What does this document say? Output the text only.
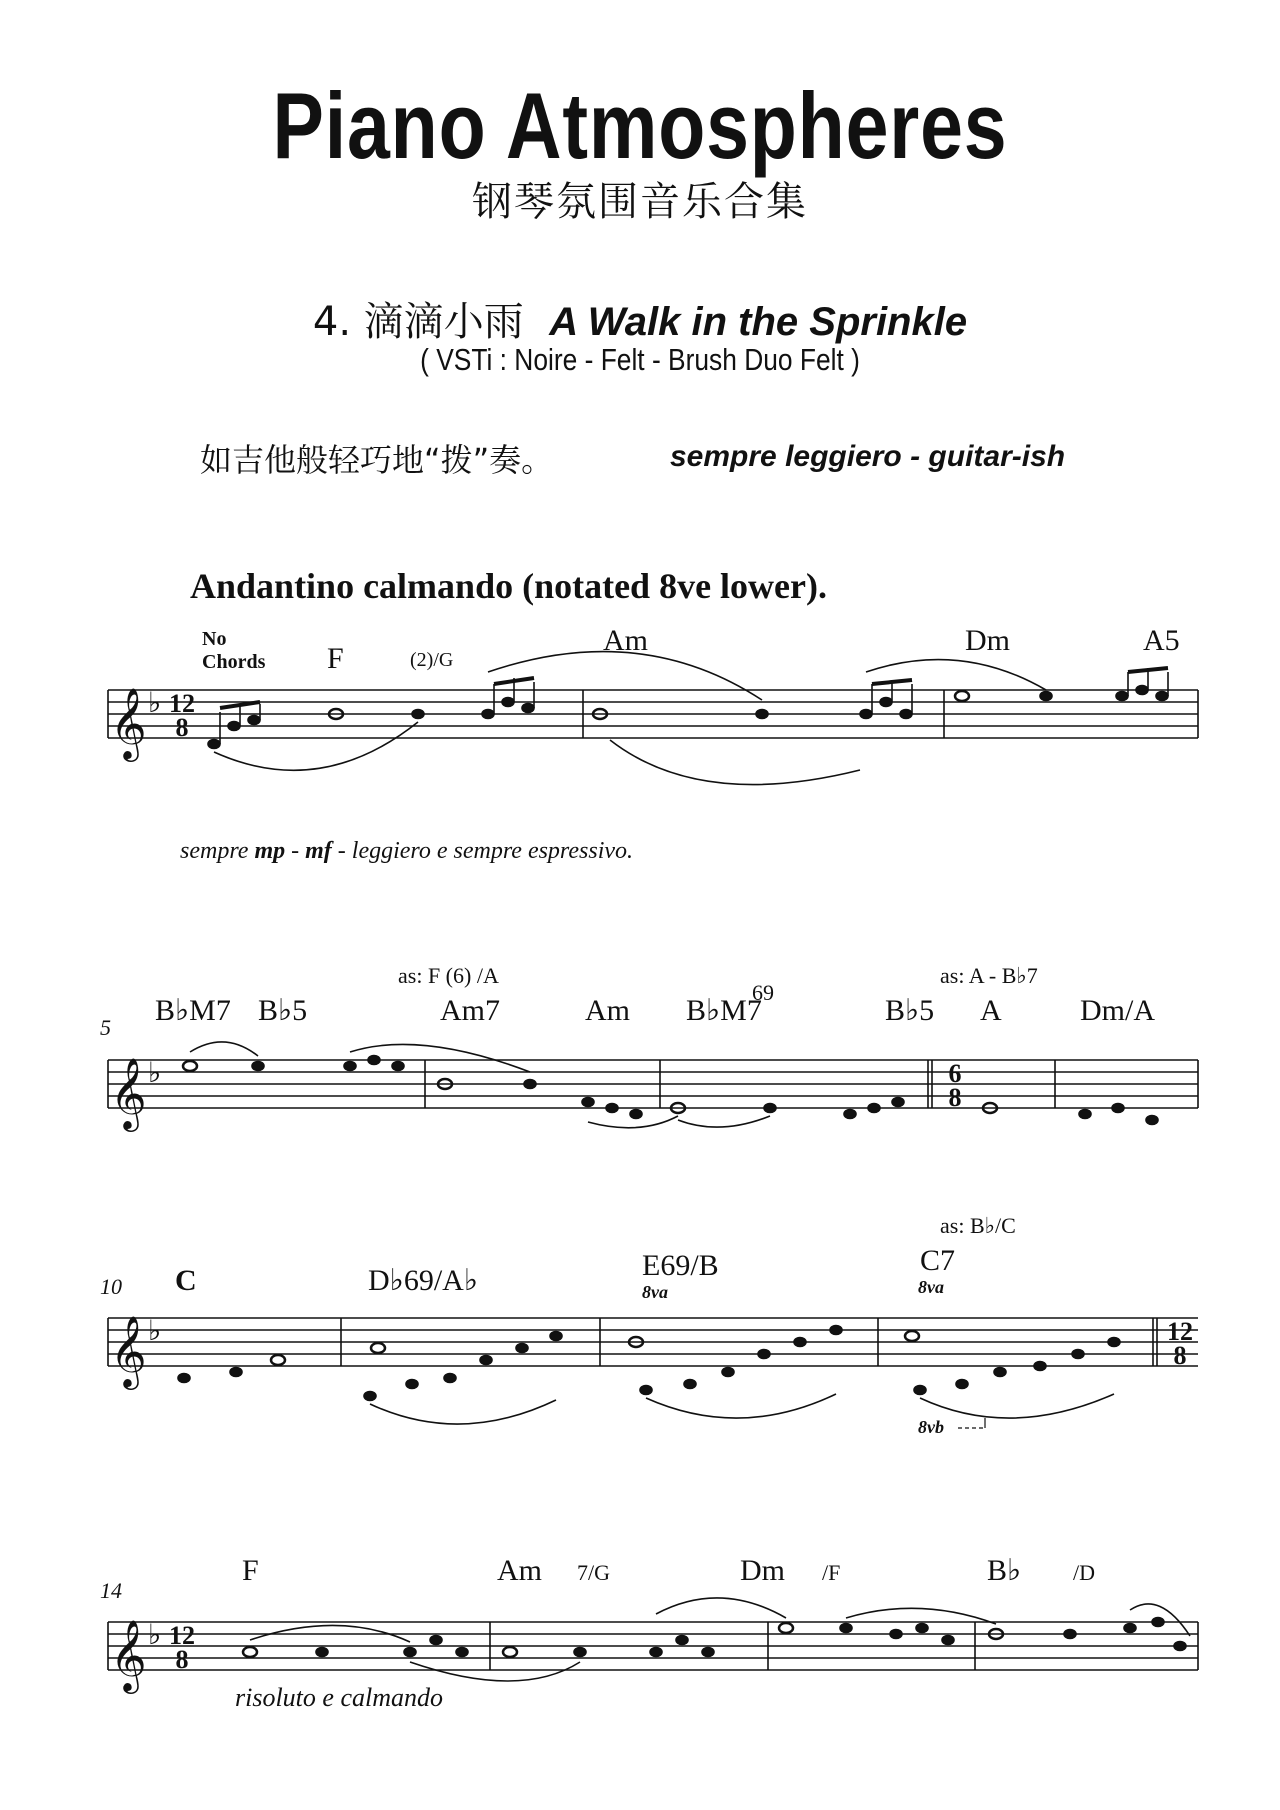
Piano Atmospheres
钢琴氛围音乐合集
4. 滴滴小雨 A Walk in the Sprinkle
( VSTi : Noire - Felt - Brush Duo Felt )
如吉他般轻巧地“拨”奏。	sempre leggiero - guitar-ish
Andantino calmando (notated 8ve lower).
𝄞 ♭
𝄞 ♭
𝄞 ♭
𝄞 ♭
12
8
6
8
12
8
12
8
5
10
14
No
Chords F	(2)/G
Am	Dm	A5
as: F (6) /A	as: A - B♭7
B♭M7 B♭5	Am7	Am B♭M7
69
B♭5 A	Dm/A
as: B♭/C
C	D♭69/A♭	E69/B	C7
F	Am 7/G	Dm /F	B♭ /D
8va	8va
8vb
sempre mp - mf - leggiero e sempre espressivo.
risoluto e calmando
